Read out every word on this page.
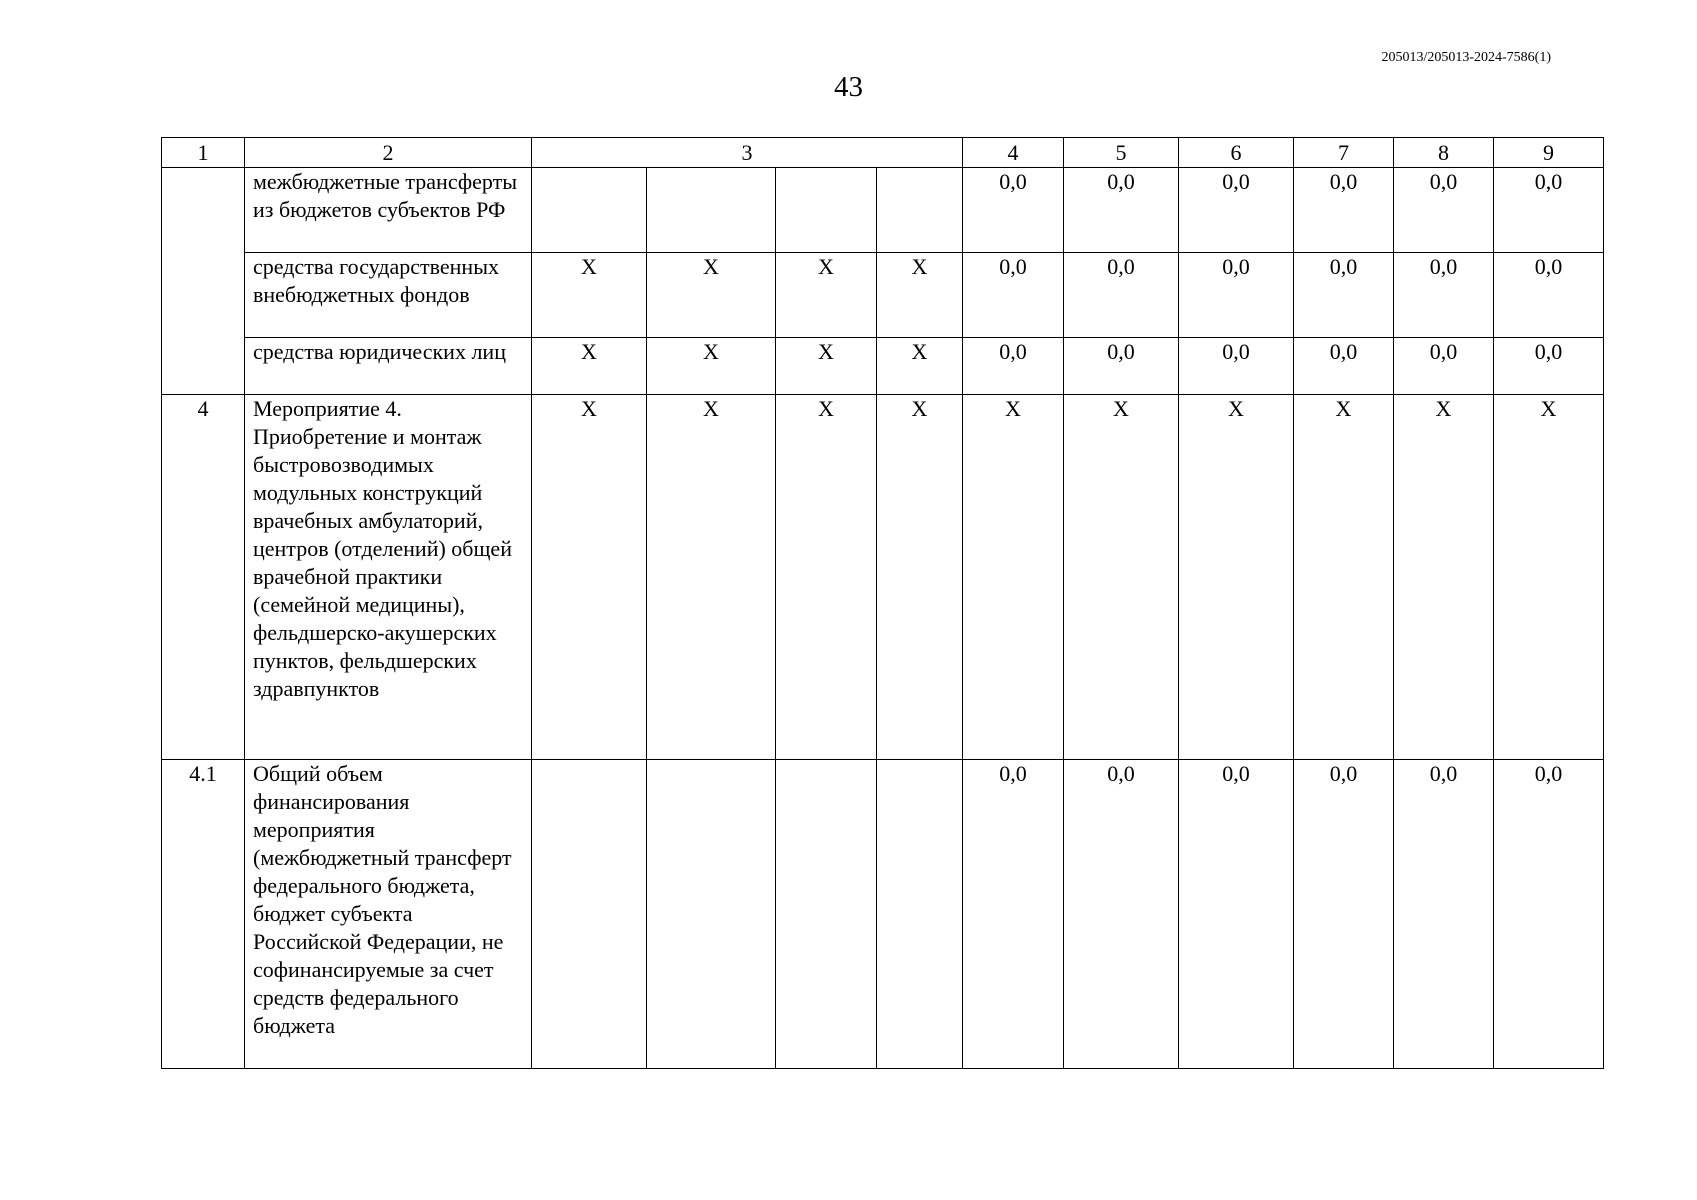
205013/205013-2024-7586(1)
43
1	2	3				4	5	6	7	8	9
	межбюджетные трансферты из бюджетов субъектов РФ					0,0	0,0	0,0	0,0	0,0	0,0
	средства государственных внебюджетных фондов	X	X	X	X	0,0	0,0	0,0	0,0	0,0	0,0
	средства юридических лиц	X	X	X	X	0,0	0,0	0,0	0,0	0,0	0,0
4	Мероприятие 4. Приобретение и монтаж быстровозводимых модульных конструкций врачебных амбулаторий, центров (отделений) общей врачебной практики (семейной медицины), фельдшерско-акушерских пунктов, фельдшерских здравпунктов	X	X	X	X	X	X	X	X	X	X
4.1	Общий объем финансирования мероприятия (межбюджетный трансферт федерального бюджета, бюджет субъекта Российской Федерации, не софинансируемые за счет средств федерального бюджета					0,0	0,0	0,0	0,0	0,0	0,0
